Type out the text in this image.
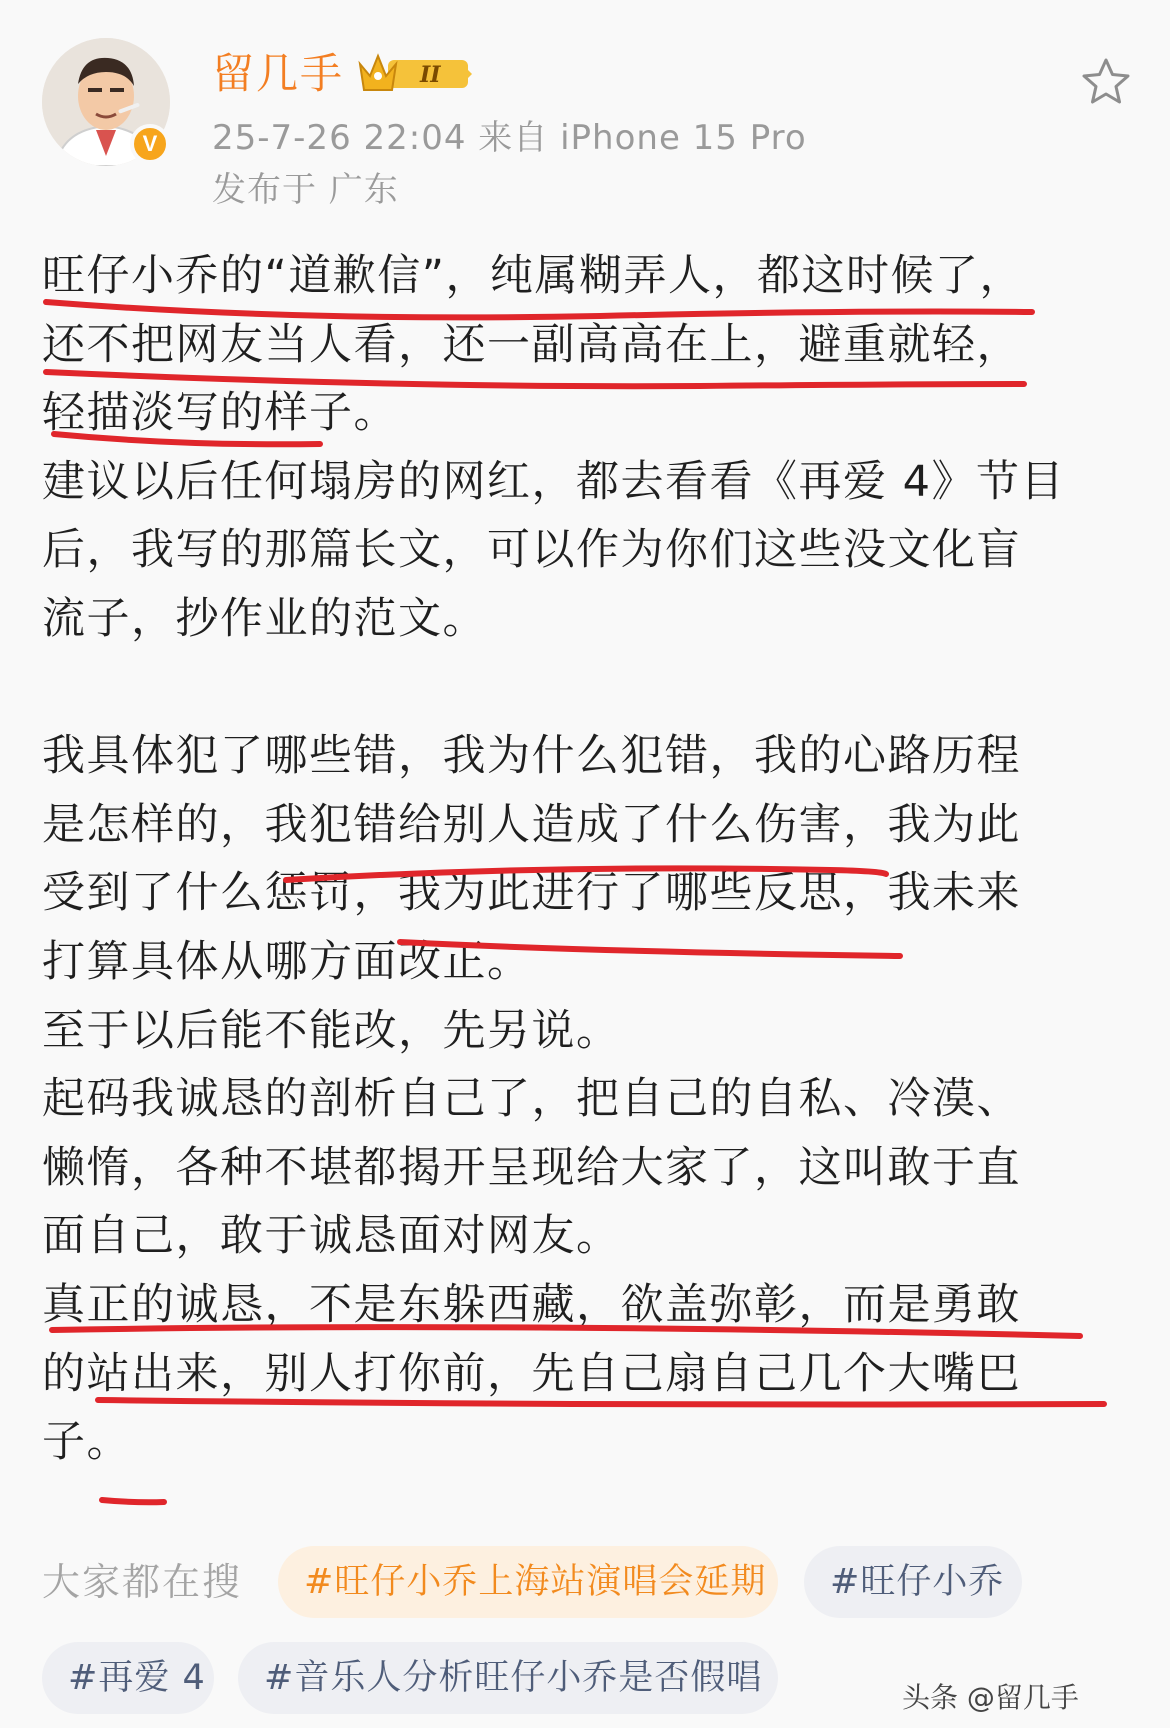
V
留几手	II
25-7-26 22:04 来自 iPhone 15 Pro
发布于 广东

旺仔小乔的“道歉信”，纯属糊弄人，都这时候了，

还不把网友当人看，还一副高高在上，避重就轻，

轻描淡写的样子。

建议以后任何塌房的网红，都去看看《再爱 4》节目

后，我写的那篇长文，可以作为你们这些没文化盲

流子，抄作业的范文。

我具体犯了哪些错，我为什么犯错，我的心路历程

是怎样的，我犯错给别人造成了什么伤害，我为此

受到了什么惩罚，我为此进行了哪些反思，我未来

打算具体从哪方面改正。

至于以后能不能改，先另说。

起码我诚恳的剖析自己了，把自己的自私、冷漠、

懒惰，各种不堪都揭开呈现给大家了，这叫敢于直

面自己，敢于诚恳面对网友。

真正的诚恳，不是东躲西藏，欲盖弥彰，而是勇敢

的站出来，别人打你前，先自己扇自己几个大嘴巴

子。

大家都在搜	#旺仔小乔上海站演唱会延期	#旺仔小乔
#再爱 4	#音乐人分析旺仔小乔是否假唱	头条 @留几手
